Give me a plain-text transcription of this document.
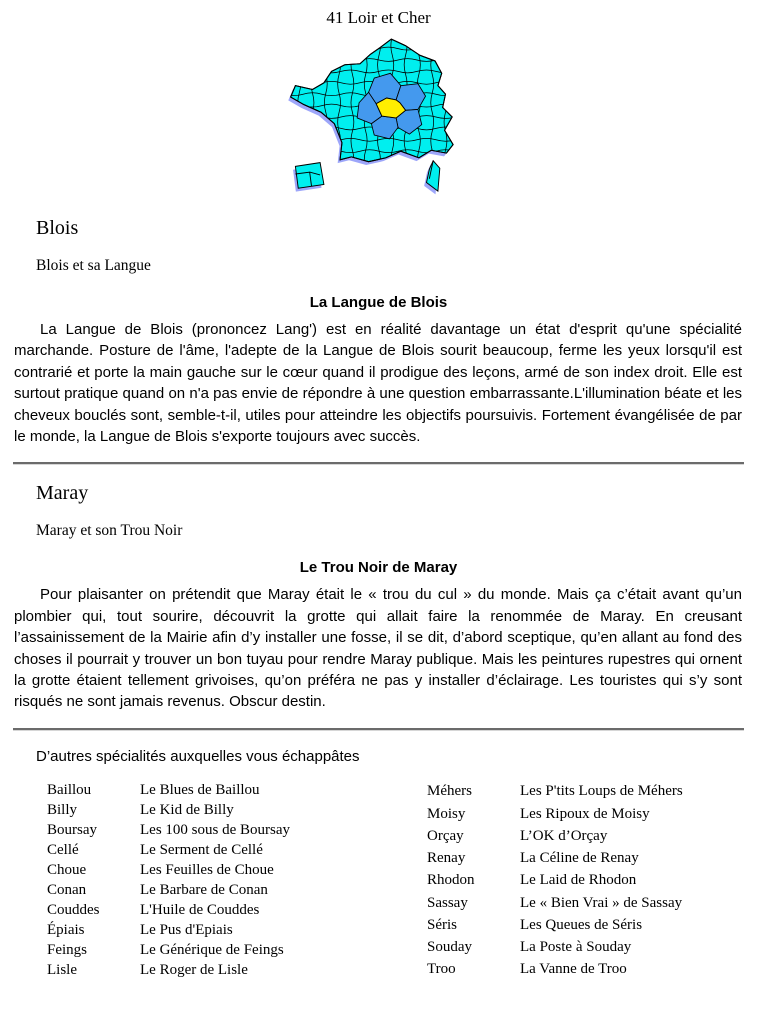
41 Loir et Cher
Blois

Blois et sa Langue

La Langue de Blois

La Langue de Blois (prononcez Lang') est en réalité davantage un état d'esprit qu'une spécialité marchande. Posture de l'âme, l'adepte de la Langue de Blois sourit beaucoup, ferme les yeux lorsqu'il est contrarié et porte la main gauche sur le cœur quand il prodigue des leçons, armé de son index droit. Elle est surtout pratique quand on n'a pas envie de répondre à une question embarrassante.L'illumination béate et les cheveux bouclés sont, semble-t-il, utiles pour atteindre les objectifs poursuivis. Fortement évangélisée de par le monde, la Langue de Blois s'exporte toujours avec succès.

Maray

Maray et son Trou Noir

Le Trou Noir de Maray

Pour plaisanter on prétendit que Maray était le « trou du cul » du monde. Mais ça c’était avant qu’un plombier qui, tout sourire, découvrit la grotte qui allait faire la renommée de Maray. En creusant l’assainissement de la Mairie afin d’y installer une fosse, il se dit, d’abord sceptique, qu’en allant au fond des choses il pourrait y trouver un bon tuyau pour rendre Maray publique. Mais les peintures rupestres qui ornent la grotte étaient tellement grivoises, qu’on préféra ne pas y installer d’éclairage. Les touristes qui s’y sont risqués ne sont jamais revenus. Obscur destin.

D’autres spécialités auxquelles vous échappâtes
Baillou	Le Blues de Baillou
Billy	Le Kid de Billy
Boursay	Les 100 sous de Boursay
Cellé	Le Serment de Cellé
Choue	Les Feuilles de Choue
Conan	Le Barbare de Conan
Couddes	L'Huile de Couddes
Épiais	Le Pus d'Epiais
Feings	Le Générique de Feings
Lisle	Le Roger de Lisle
Méhers	Les P'tits Loups de Méhers
Moisy	Les Ripoux de Moisy
Orçay	L’OK d’Orçay
Renay	La Céline de Renay
Rhodon	Le Laid de Rhodon
Sassay	Le « Bien Vrai » de Sassay
Séris	Les Queues de Séris
Souday	La Poste à Souday
Troo	La Vanne de Troo
